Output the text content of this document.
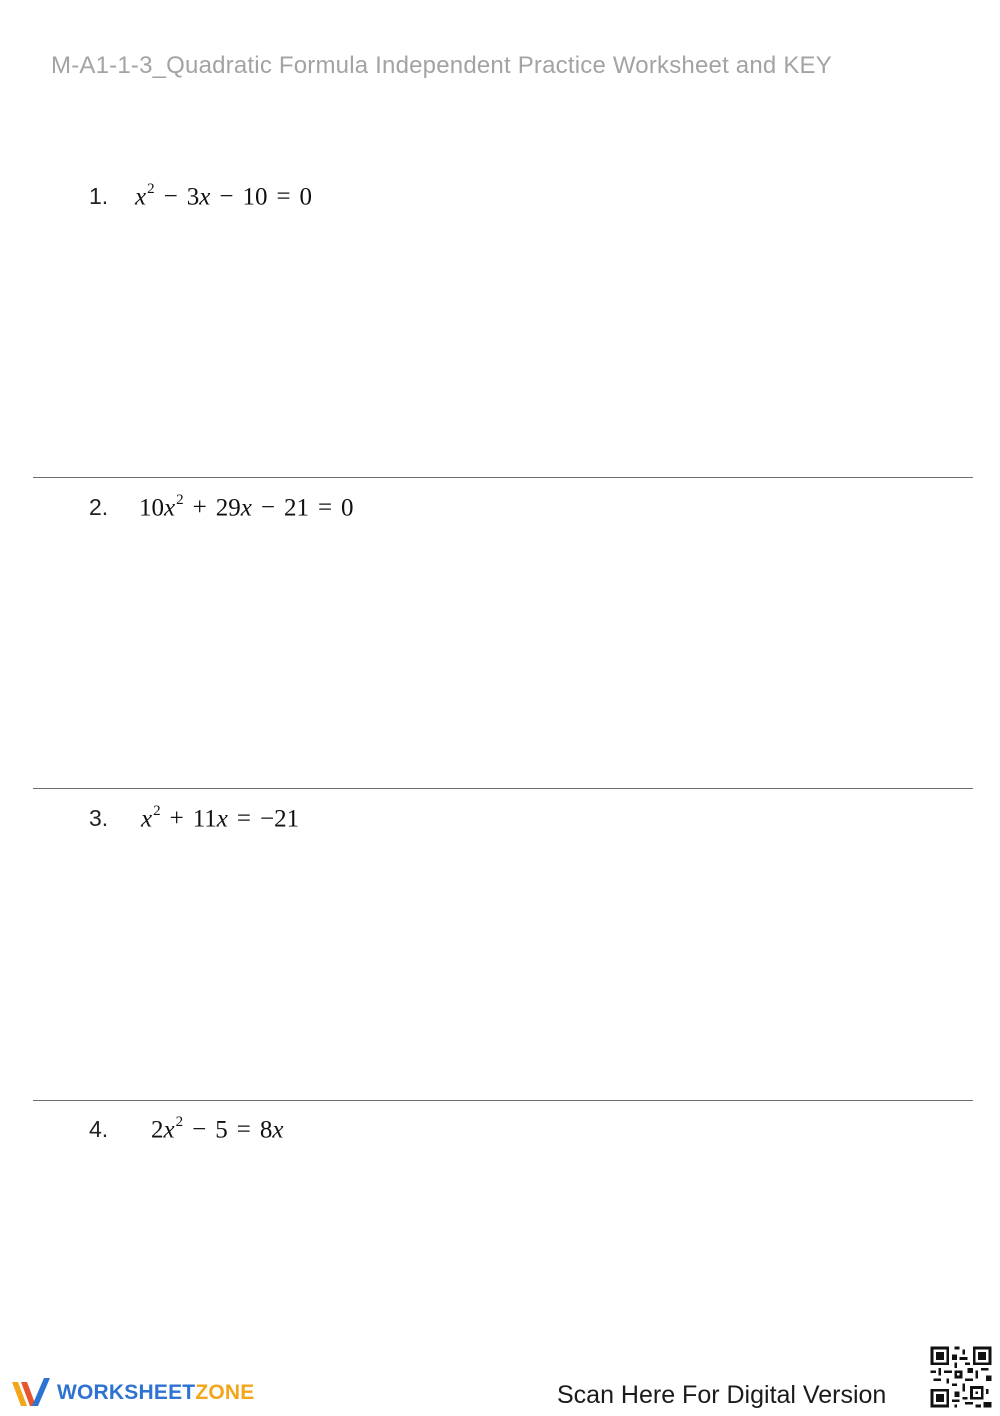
M-A1-1-3_Quadratic Formula Independent Practice Worksheet and KEY
1.	$x^2 - 3x - 10 = 0$
2.	$10x^2 + 29x - 21 = 0$
3.	$x^2 + 11x = -21$
4.	$2x^2 - 5 = 8x$
WORKSHEETZONE	Scan Here For Digital Version
